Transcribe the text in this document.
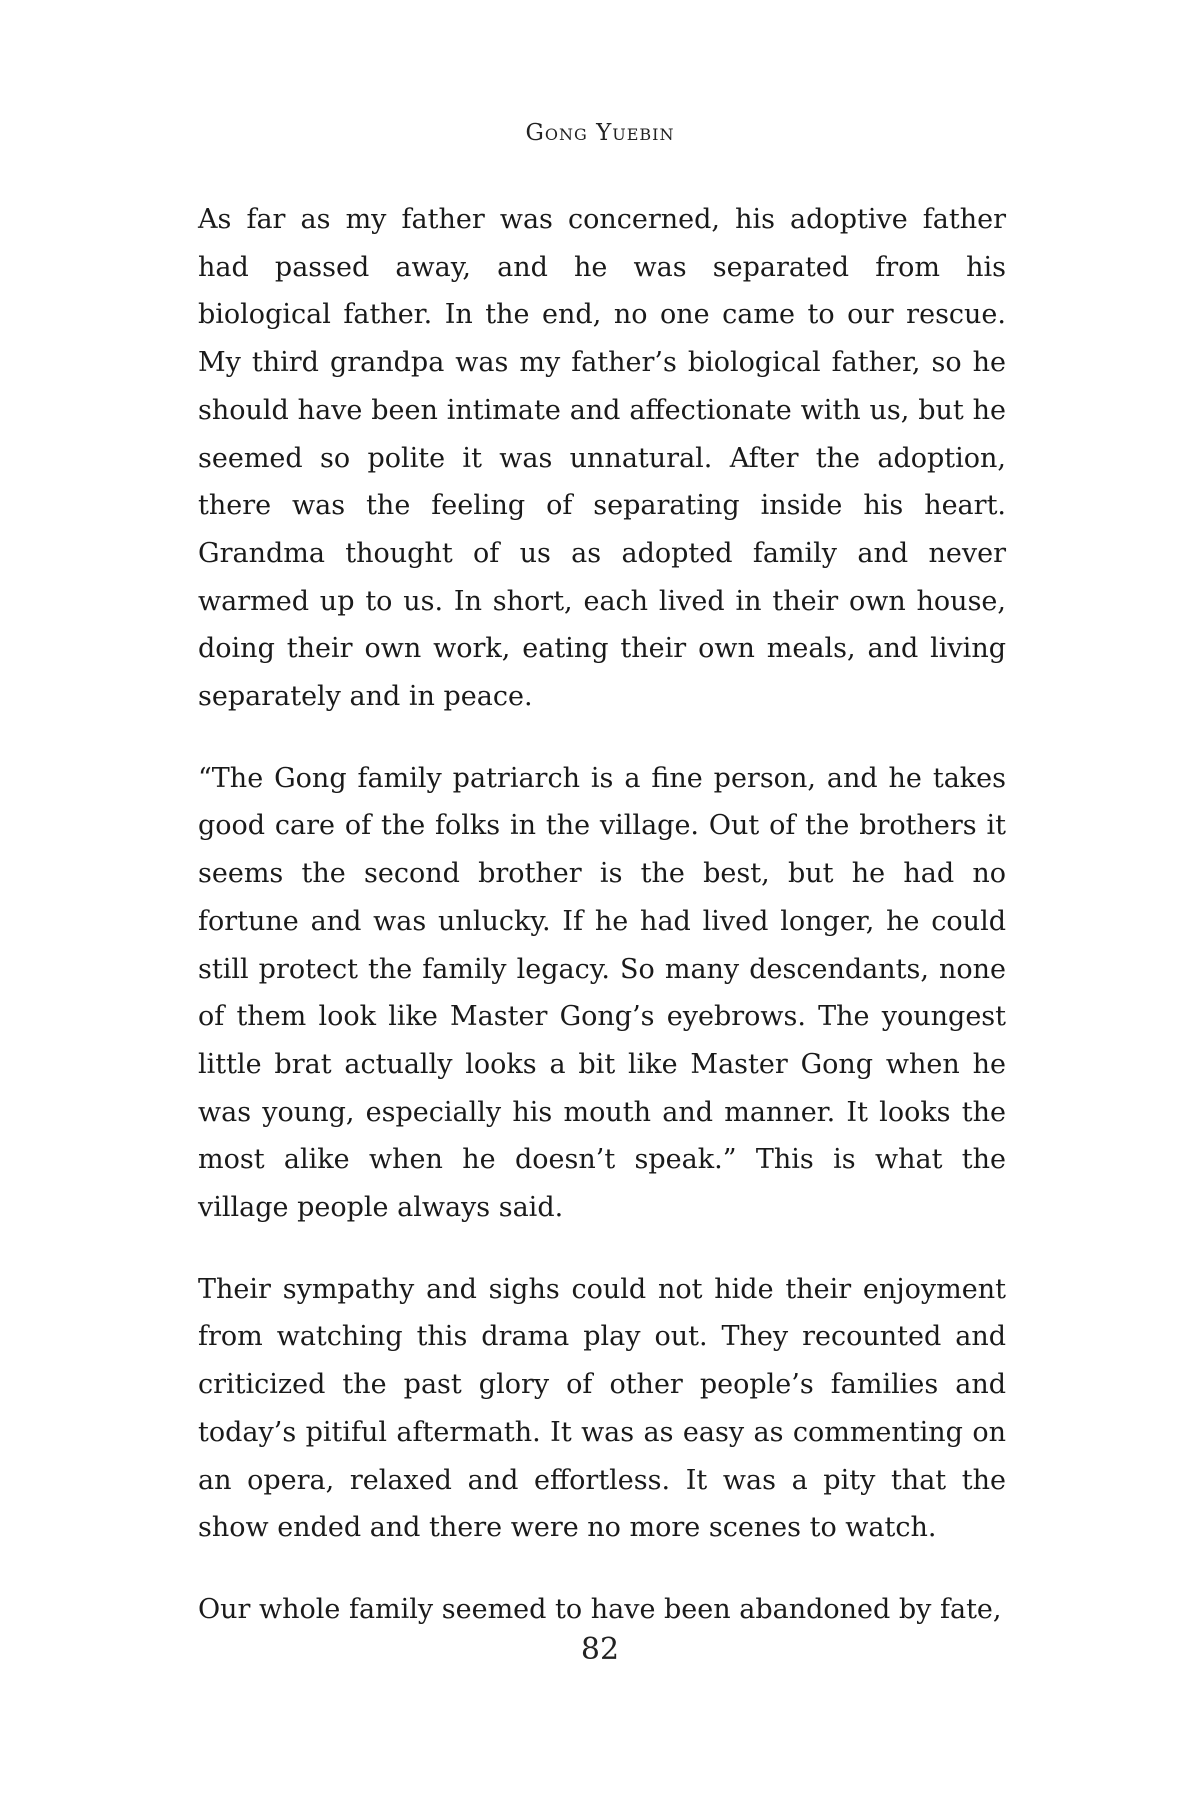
Gong Yuebin

As far as my father was concerned, his adoptive father had passed away, and he was separated from his biological father. In the end, no one came to our rescue. My third grandpa was my father’s biological father, so he should have been intimate and affectionate with us, but he seemed so polite it was unnatural. After the adoption, there was the feeling of separating inside his heart. Grandma thought of us as adopted family and never warmed up to us. In short, each lived in their own house, doing their own work, eating their own meals, and living separately and in peace.

“The Gong family patriarch is a fine person, and he takes good care of the folks in the village. Out of the brothers it seems the second brother is the best, but he had no fortune and was unlucky. If he had lived longer, he could still protect the family legacy. So many descendants, none of them look like Master Gong’s eyebrows. The youngest little brat actually looks a bit like Master Gong when he was young, especially his mouth and manner. It looks the most alike when he doesn’t speak.” This is what the village people always said.

Their sympathy and sighs could not hide their enjoyment from watching this drama play out. They recounted and criticized the past glory of other people’s families and today’s pitiful aftermath. It was as easy as commenting on an opera, relaxed and effortless. It was a pity that the show ended and there were no more scenes to watch.

Our whole family seemed to have been abandoned by fate,

82
